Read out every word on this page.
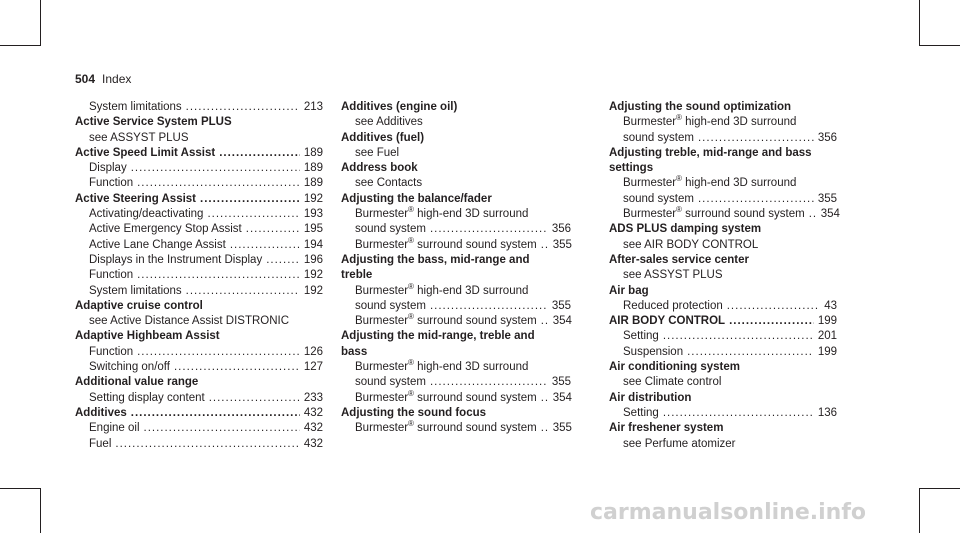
504 Index
System limitations .....	213
Active Service System PLUS
see ASSYST PLUS
Active Speed Limit Assist .....	189
Display .....	189
Function .....	189
Active Steering Assist .....	192
Activating/deactivating .....	193
Active Emergency Stop Assist .....	195
Active Lane Change Assist .....	194
Displays in the Instrument Display .....	196
Function .....	192
System limitations .....	192
Adaptive cruise control
see Active Distance Assist DISTRONIC
Adaptive Highbeam Assist
Function .....	126
Switching on/off .....	127
Additional value range
Setting display content .....	233
Additives .....	432
Engine oil .....	432
Fuel .....	432
Additives (engine oil)
see Additives
Additives (fuel)
see Fuel
Address book
see Contacts
Adjusting the balance/fader
Burmester® high-end 3D surround
sound system .....	356
Burmester® surround sound system ..... 355
Adjusting the bass, mid-range and
treble
Burmester® high-end 3D surround
sound system .....	355
Burmester® surround sound system ..... 354
Adjusting the mid-range, treble and
bass
Burmester® high-end 3D surround
sound system .....	355
Burmester® surround sound system ..... 354
Adjusting the sound focus
Burmester® surround sound system ..... 355
Adjusting the sound optimization
Burmester® high-end 3D surround
sound system .....	356
Adjusting treble, mid-range and bass
settings
Burmester® high-end 3D surround
sound system .....	355
Burmester® surround sound system ..... 354
ADS PLUS damping system
see AIR BODY CONTROL
After-sales service center
see ASSYST PLUS
Air bag
Reduced protection .....	43
AIR BODY CONTROL .....	199
Setting .....	201
Suspension .....	199
Air conditioning system
see Climate control
Air distribution
Setting .....	136
Air freshener system
see Perfume atomizer
carmanualsonline.info
